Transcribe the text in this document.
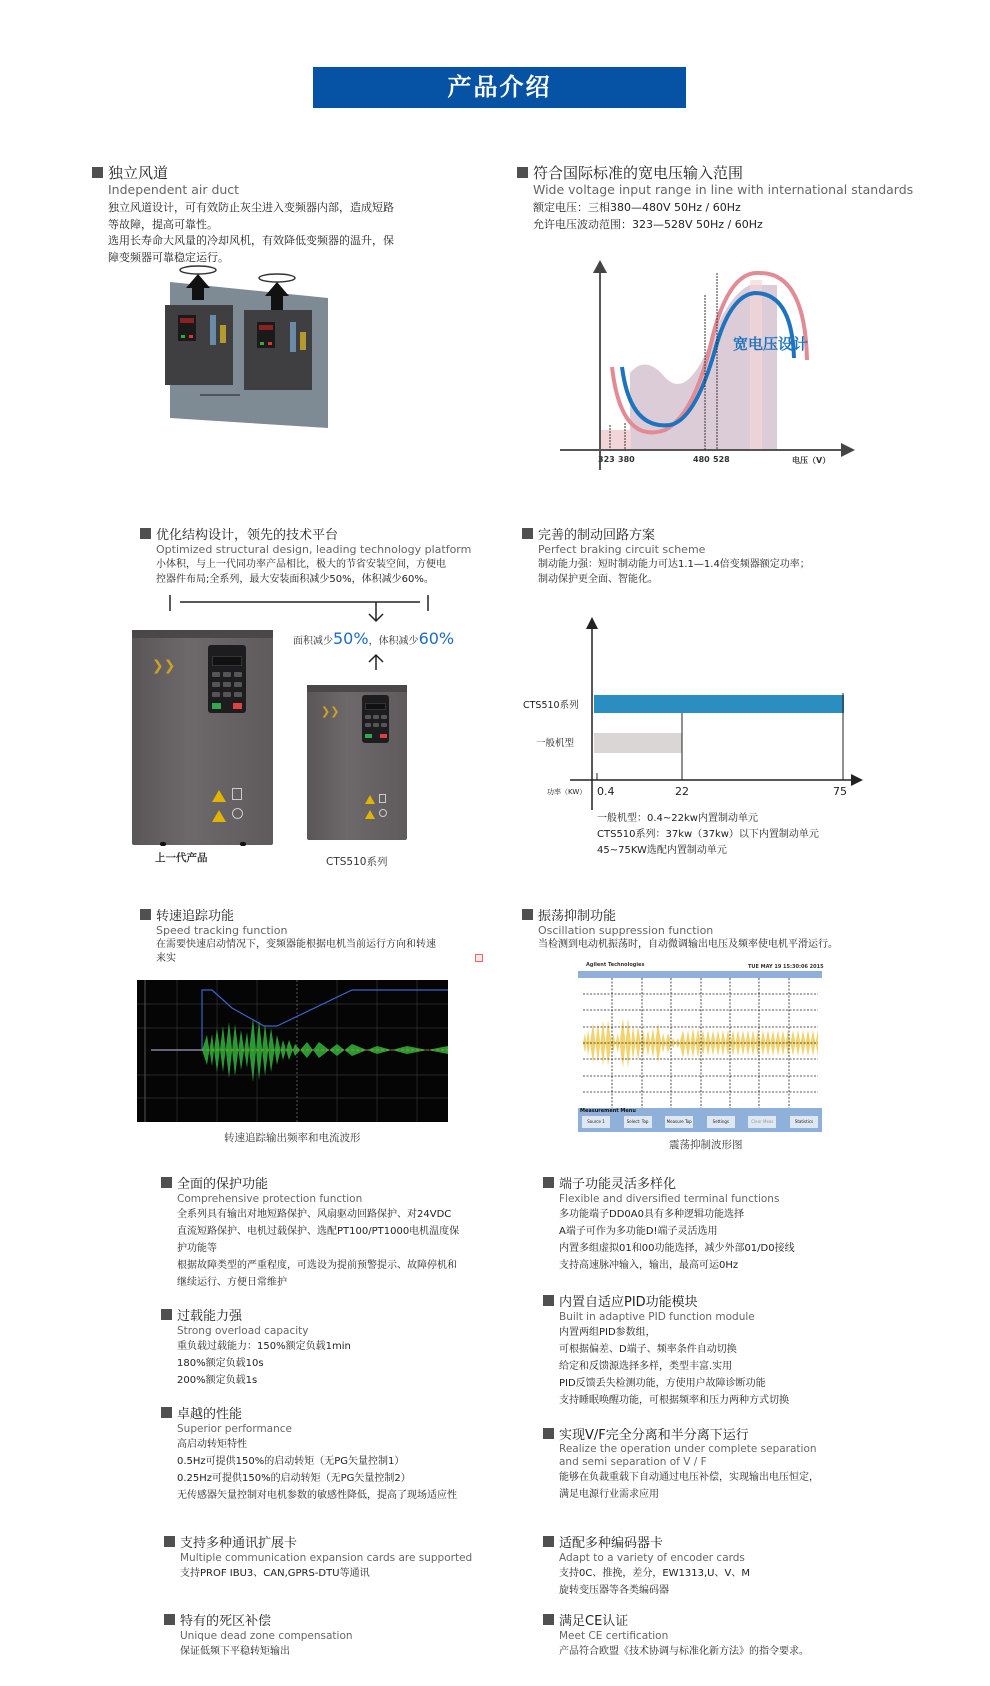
产品介绍
独立风道
Independent air duct
独立风道设计，可有效防止灰尘进入变频器内部，造成短路
等故障，提高可靠性。
选用长寿命大风量的冷却风机，有效降低变频器的温升，保
障变频器可靠稳定运行。
符合国际标准的宽电压输入范围
Wide voltage input range in line with international standards
额定电压：三相380—480V 50Hz / 60Hz
允许电压波动范围：323—528V 50Hz / 60Hz
宽电压设计
323 380	480 528	电压（V）
优化结构设计，领先的技术平台
Optimized structural design, leading technology platform
小体积，与上一代同功率产品相比，极大的节省安装空间，方便电
控器件布局;全系列，最大安装面积减少50%，体积减少60%。
面积减少50%，体积减少60%
❯❯
上一代产品
❯❯
CTS510系列
完善的制动回路方案
Perfect braking circuit scheme
制动能力强：短时制动能力可达1.1—1.4倍变频器额定功率；
制动保护更全面、智能化。
CTS510系列
一般机型
功率（KW） 0.4	22	75
一般机型：0.4~22kw内置制动单元
CTS510系列：37kw（37kw）以下内置制动单元
45~75KW选配内置制动单元
转速追踪功能
Speed tracking function
在需要快速启动情况下，变频器能根据电机当前运行方向和转速
来实
转速追踪输出频率和电流波形
振荡抑制功能
Oscillation suppression function
当检测到电动机振荡时，自动微调输出电压及频率使电机平滑运行。
Agilent Technologies	TUE MAY 19 15:30:06 2015
Measurement Menu
Source 1	Select: Top	Measure Top	Settings	Clear Meas	Statistics
震荡抑制波形图
全面的保护功能
Comprehensive protection function
全系列具有输出对地短路保护、风扇驱动回路保护、对24VDC
直流短路保护、电机过载保护、选配PT100/PT1000电机温度保
护功能等
根据故障类型的严重程度，可选设为提前预警提示、故障停机和
继续运行、方便日常维护
端子功能灵活多样化
Flexible and diversified terminal functions
多功能端子DD0A0具有多种逻辑功能选择
A端子可作为多功能D!端子灵活选用
内置多组虚拟01和00功能选择，减少外部01/D0接线
支持高速脉冲输入，输出，最高可运0Hz
过载能力强
Strong overload capacity
重负载过载能力：150%额定负载1min
180%额定负载10s
200%额定负载1s
内置自适应PID功能模块
Built in adaptive PID function module
内置两组PID参数组，
可根据偏差、D端子、频率条件自动切换
给定和反馈源选择多样，类型丰富.实用
PID反馈丢失检测功能，方使用户故障诊断功能
支持睡眠唤醒功能，可根据频率和压力两种方式切换
卓越的性能
Superior performance
高启动转矩特性
0.5Hz可提供150%的启动转矩（无PG矢量控制1）
0.25Hz可提供150%的启动转矩（无PG矢量控制2）
无传感器矢量控制对电机参数的敏感性降低，提高了现场适应性
实现V/F完全分离和半分离下运行
Realize the operation under complete separation
and semi separation of V / F
能够在负裁重载下自动通过电压补偿，实现输出电压恒定，
满足电源行业需求应用
支持多种通讯扩展卡
Multiple communication expansion cards are supported
支持PROF IBU3、CAN,GPRS-DTU等通讯
适配多种编码器卡
Adapt to a variety of encoder cards
支持0C、推挽，差分，EW1313,U、V、M
旋转变压器等各类编码器
特有的死区补偿
Unique dead zone compensation
保证低频下平稳转矩输出
满足CE认证
Meet CE certification
产品符合欧盟《技术协调与标准化新方法》的指令要求。
